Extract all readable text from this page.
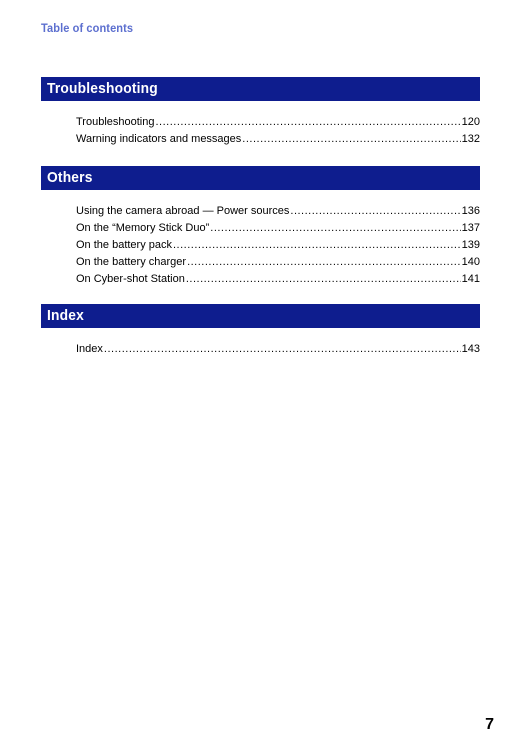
Table of contents
Troubleshooting
Troubleshooting .....	120
Warning indicators and messages .....	132
Others
Using the camera abroad — Power sources .....	136
On the “Memory Stick Duo” .....	137
On the battery pack .....	139
On the battery charger .....	140
On Cyber-shot Station .....	141
Index
Index .....	143
7
